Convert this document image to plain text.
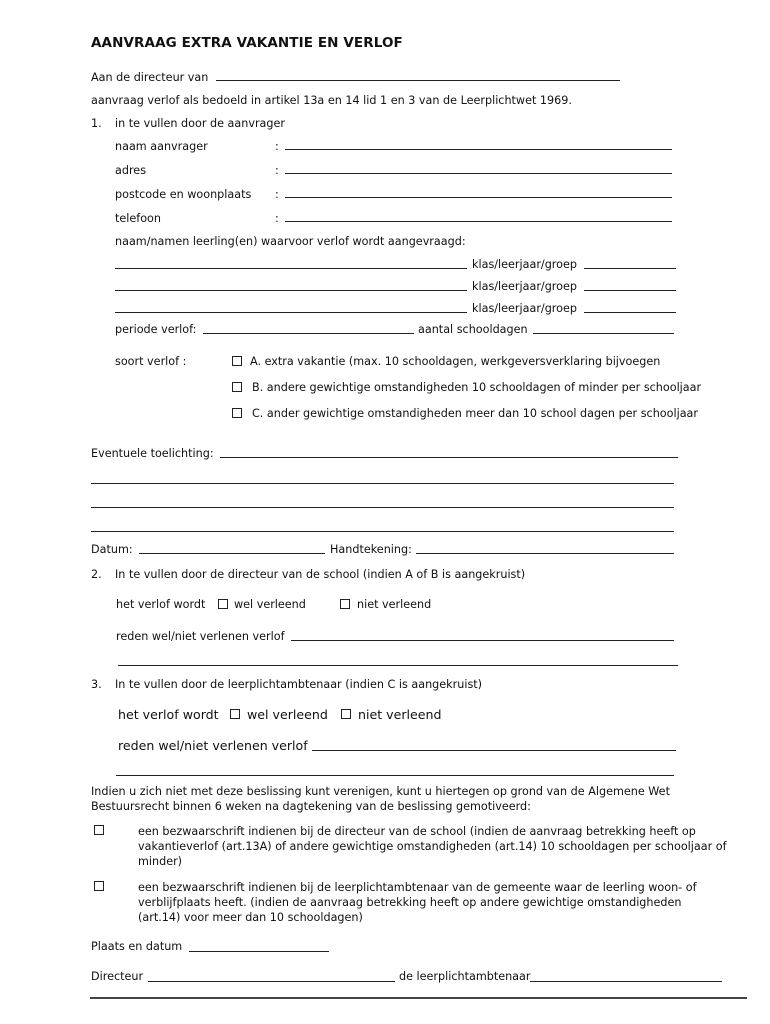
AANVRAAG EXTRA VAKANTIE EN VERLOF
Aan de directeur van
aanvraag verlof als bedoeld in artikel 13a en 14 lid 1 en 3 van de Leerplichtwet 1969.
1. in te vullen door de aanvrager
naam aanvrager	:
adres	:
postcode en woonplaats :
telefoon	:
naam/namen leerling(en) waarvoor verlof wordt aangevraagd:
klas/leerjaar/groep
klas/leerjaar/groep
klas/leerjaar/groep
periode verlof:	aantal schooldagen
soort verlof :	A. extra vakantie (max. 10 schooldagen, werkgeversverklaring bijvoegen
B. andere gewichtige omstandigheden 10 schooldagen of minder per schooljaar
C. ander gewichtige omstandigheden meer dan 10 school dagen per schooljaar
Eventuele toelichting:
Datum:	Handtekening:
2. In te vullen door de directeur van de school (indien A of B is aangekruist)
het verlof wordt	wel verleend	niet verleend
reden wel/niet verlenen verlof
3. In te vullen door de leerplichtambtenaar (indien C is aangekruist)
het verlof wordt wel verleend niet verleend
reden wel/niet verlenen verlof
Indien u zich niet met deze beslissing kunt verenigen, kunt u hiertegen op grond van de Algemene Wet Bestuursrecht binnen 6 weken na dagtekening van de beslissing gemotiveerd:
een bezwaarschrift indienen bij de directeur van de school (indien de aanvraag betrekking heeft op vakantieverlof (art.13A) of andere gewichtige omstandigheden (art.14) 10 schooldagen per schooljaar of minder)
een bezwaarschrift indienen bij de leerplichtambtenaar van de gemeente waar de leerling woon- of verblijfplaats heeft. (indien de aanvraag betrekking heeft op andere gewichtige omstandigheden (art.14) voor meer dan 10 schooldagen)
Plaats en datum
Directeur	de leerplichtambtenaar
